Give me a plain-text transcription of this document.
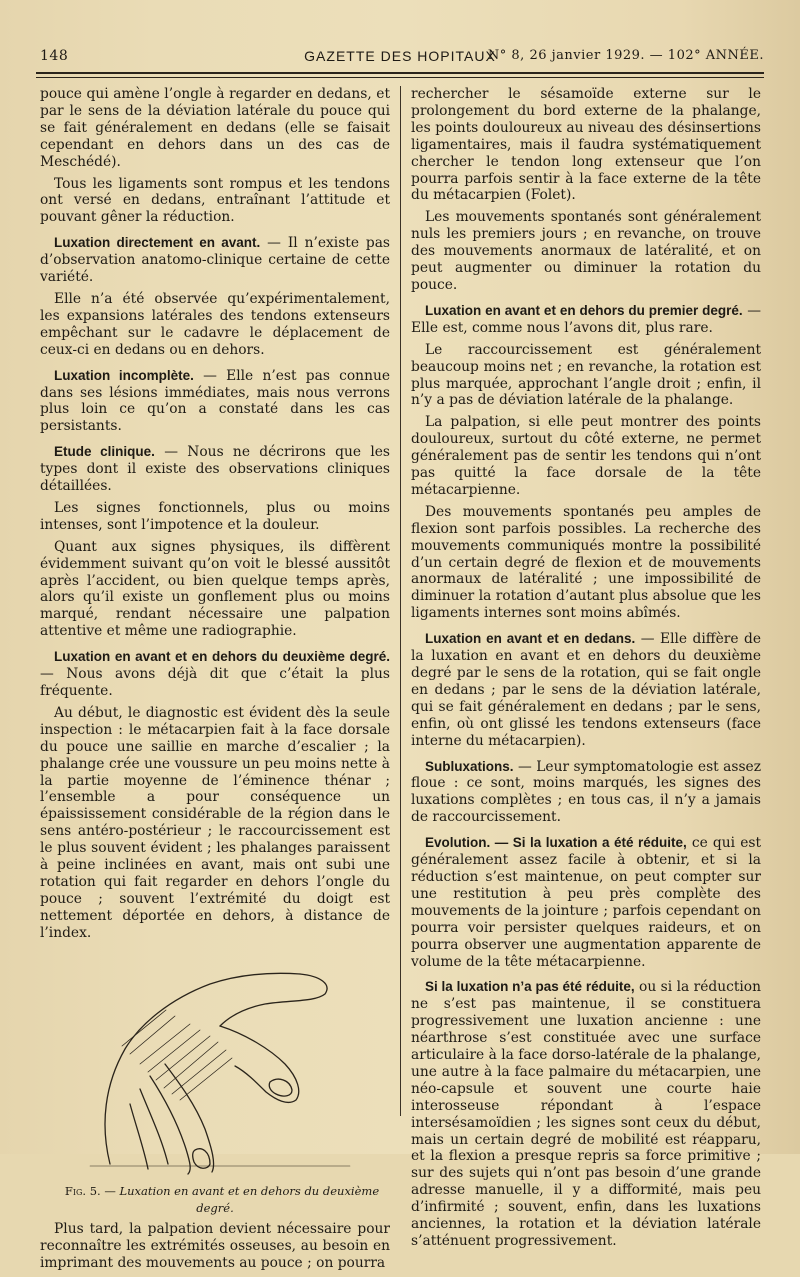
148	GAZETTE DES HOPITAUX
N° 8, 26 janvier 1929. — 102° ANNÉE.

pouce qui amène l’ongle à regarder en dedans, et par le sens de la déviation latérale du pouce qui se fait généralement en dedans (elle se faisait cependant en dehors dans un des cas de Meschédé).

Tous les ligaments sont rompus et les tendons ont versé en dedans, entraînant l’attitude et pouvant gêner la réduction.

Luxation directement en avant. — Il n’existe pas d’observation anatomo-clinique certaine de cette variété.

Elle n’a été observée qu’expérimentalement, les expansions latérales des tendons extenseurs empêchant sur le cadavre le déplacement de ceux-ci en dedans ou en dehors.

Luxation incomplète. — Elle n’est pas connue dans ses lésions immédiates, mais nous verrons plus loin ce qu’on a constaté dans les cas persistants.

Etude clinique. — Nous ne décrirons que les types dont il existe des observations cliniques détaillées.

Les signes fonctionnels, plus ou moins intenses, sont l’impotence et la douleur.

Quant aux signes physiques, ils diffèrent évidemment suivant qu’on voit le blessé aussitôt après l’accident, ou bien quelque temps après, alors qu’il existe un gonflement plus ou moins marqué, rendant nécessaire une palpation attentive et même une radiographie.

Luxation en avant et en dehors du deuxième degré. — Nous avons déjà dit que c’était la plus fréquente.

Au début, le diagnostic est évident dès la seule inspection : le métacarpien fait à la face dorsale du pouce une saillie en marche d’escalier ; la phalange crée une voussure un peu moins nette à la partie moyenne de l’éminence thénar ; l’ensemble a pour conséquence un épaississement considérable de la région dans le sens antéro-postérieur ; le raccourcissement est le plus souvent évident ; les phalanges paraissent à peine inclinées en avant, mais ont subi une rotation qui fait regarder en dehors l’ongle du pouce ; souvent l’extrémité du doigt est nettement déportée en dehors, à distance de l’index.

Fig. 5. — Luxation en avant et en dehors du deuxième degré.

Plus tard, la palpation devient nécessaire pour reconnaître les extrémités osseuses, au besoin en imprimant des mouvements au pouce ; on pourra

rechercher le sésamoïde externe sur le prolongement du bord externe de la phalange, les points douloureux au niveau des désinsertions ligamentaires, mais il faudra systématiquement chercher le tendon long extenseur que l’on pourra parfois sentir à la face externe de la tête du métacarpien (Folet).

Les mouvements spontanés sont généralement nuls les premiers jours ; en revanche, on trouve des mouvements anormaux de latéralité, et on peut augmenter ou diminuer la rotation du pouce.

Luxation en avant et en dehors du premier degré. — Elle est, comme nous l’avons dit, plus rare.

Le raccourcissement est généralement beaucoup moins net ; en revanche, la rotation est plus marquée, approchant l’angle droit ; enfin, il n’y a pas de déviation latérale de la phalange.

La palpation, si elle peut montrer des points douloureux, surtout du côté externe, ne permet généralement pas de sentir les tendons qui n’ont pas quitté la face dorsale de la tête métacarpienne.

Des mouvements spontanés peu amples de flexion sont parfois possibles. La recherche des mouvements communiqués montre la possibilité d’un certain degré de flexion et de mouvements anormaux de latéralité ; une impossibilité de diminuer la rotation d’autant plus absolue que les ligaments internes sont moins abîmés.

Luxation en avant et en dedans. — Elle diffère de la luxation en avant et en dehors du deuxième degré par le sens de la rotation, qui se fait ongle en dedans ; par le sens de la déviation latérale, qui se fait généralement en dedans ; par le sens, enfin, où ont glissé les tendons extenseurs (face interne du métacarpien).

Subluxations. — Leur symptomatologie est assez floue : ce sont, moins marqués, les signes des luxations complètes ; en tous cas, il n’y a jamais de raccourcissement.

Evolution. — Si la luxation a été réduite, ce qui est généralement assez facile à obtenir, et si la réduction s’est maintenue, on peut compter sur une restitution à peu près complète des mouvements de la jointure ; parfois cependant on pourra voir persister quelques raideurs, et on pourra observer une augmentation apparente de volume de la tête métacarpienne.

Si la luxation n’a pas été réduite, ou si la réduction ne s’est pas maintenue, il se constituera progressivement une luxation ancienne : une néarthrose s’est constituée avec une surface articulaire à la face dorso-latérale de la phalange, une autre à la face palmaire du métacarpien, une néo-capsule et souvent une courte haie interosseuse répondant à l’espace intersésamoïdien ; les signes sont ceux du début, mais un certain degré de mobilité est réapparu, et la flexion a presque repris sa force primitive ; sur des sujets qui n’ont pas besoin d’une grande adresse manuelle, il y a difformité, mais peu d’infirmité ; souvent, enfin, dans les luxations anciennes, la rotation et la déviation latérale s’atténuent progressivement.
